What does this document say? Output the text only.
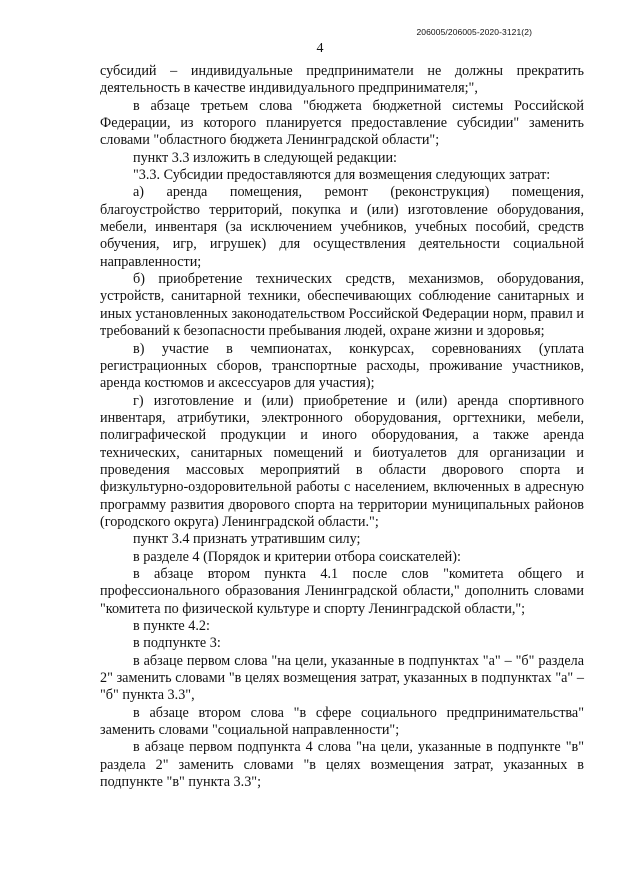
206005/206005-2020-3121(2)
4

субсидий – индивидуальные предприниматели не должны прекратить деятельность в качестве индивидуального предпринимателя;",

в абзаце третьем слова "бюджета бюджетной системы Российской Федерации, из которого планируется предоставление субсидии" заменить словами "областного бюджета Ленинградской области";

пункт 3.3 изложить в следующей редакции:

"3.3. Субсидии предоставляются для возмещения следующих затрат:

а) аренда помещения, ремонт (реконструкция) помещения, благоустройство территорий, покупка и (или) изготовление оборудования, мебели, инвентаря (за исключением учебников, учебных пособий, средств обучения, игр, игрушек) для осуществления деятельности социальной направленности;

б) приобретение технических средств, механизмов, оборудования, устройств, санитарной техники, обеспечивающих соблюдение санитарных и иных установленных законодательством Российской Федерации норм, правил и требований к безопасности пребывания людей, охране жизни и здоровья;

в) участие в чемпионатах, конкурсах, соревнованиях (уплата регистрационных сборов, транспортные расходы, проживание участников, аренда костюмов и аксессуаров для участия);

г) изготовление и (или) приобретение и (или) аренда спортивного инвентаря, атрибутики, электронного оборудования, оргтехники, мебели, полиграфической продукции и иного оборудования, а также аренда технических, санитарных помещений и биотуалетов для организации и проведения массовых мероприятий в области дворового спорта и физкультурно-оздоровительной работы с населением, включенных в адресную программу развития дворового спорта на территории муниципальных районов (городского округа) Ленинградской области.";

пункт 3.4 признать утратившим силу;

в разделе 4 (Порядок и критерии отбора соискателей):

в абзаце втором пункта 4.1 после слов "комитета общего и профессионального образования Ленинградской области," дополнить словами "комитета по физической культуре и спорту Ленинградской области,";

в пункте 4.2:

в подпункте 3:

в абзаце первом слова "на цели, указанные в подпунктах "а" – "б" раздела 2" заменить словами "в целях возмещения затрат, указанных в подпунктах "а" – "б" пункта 3.3",

в абзаце втором слова "в сфере социального предпринимательства" заменить словами "социальной направленности";

в абзаце первом подпункта 4 слова "на цели, указанные в подпункте "в" раздела 2" заменить словами "в целях возмещения затрат, указанных в подпункте "в" пункта 3.3";
